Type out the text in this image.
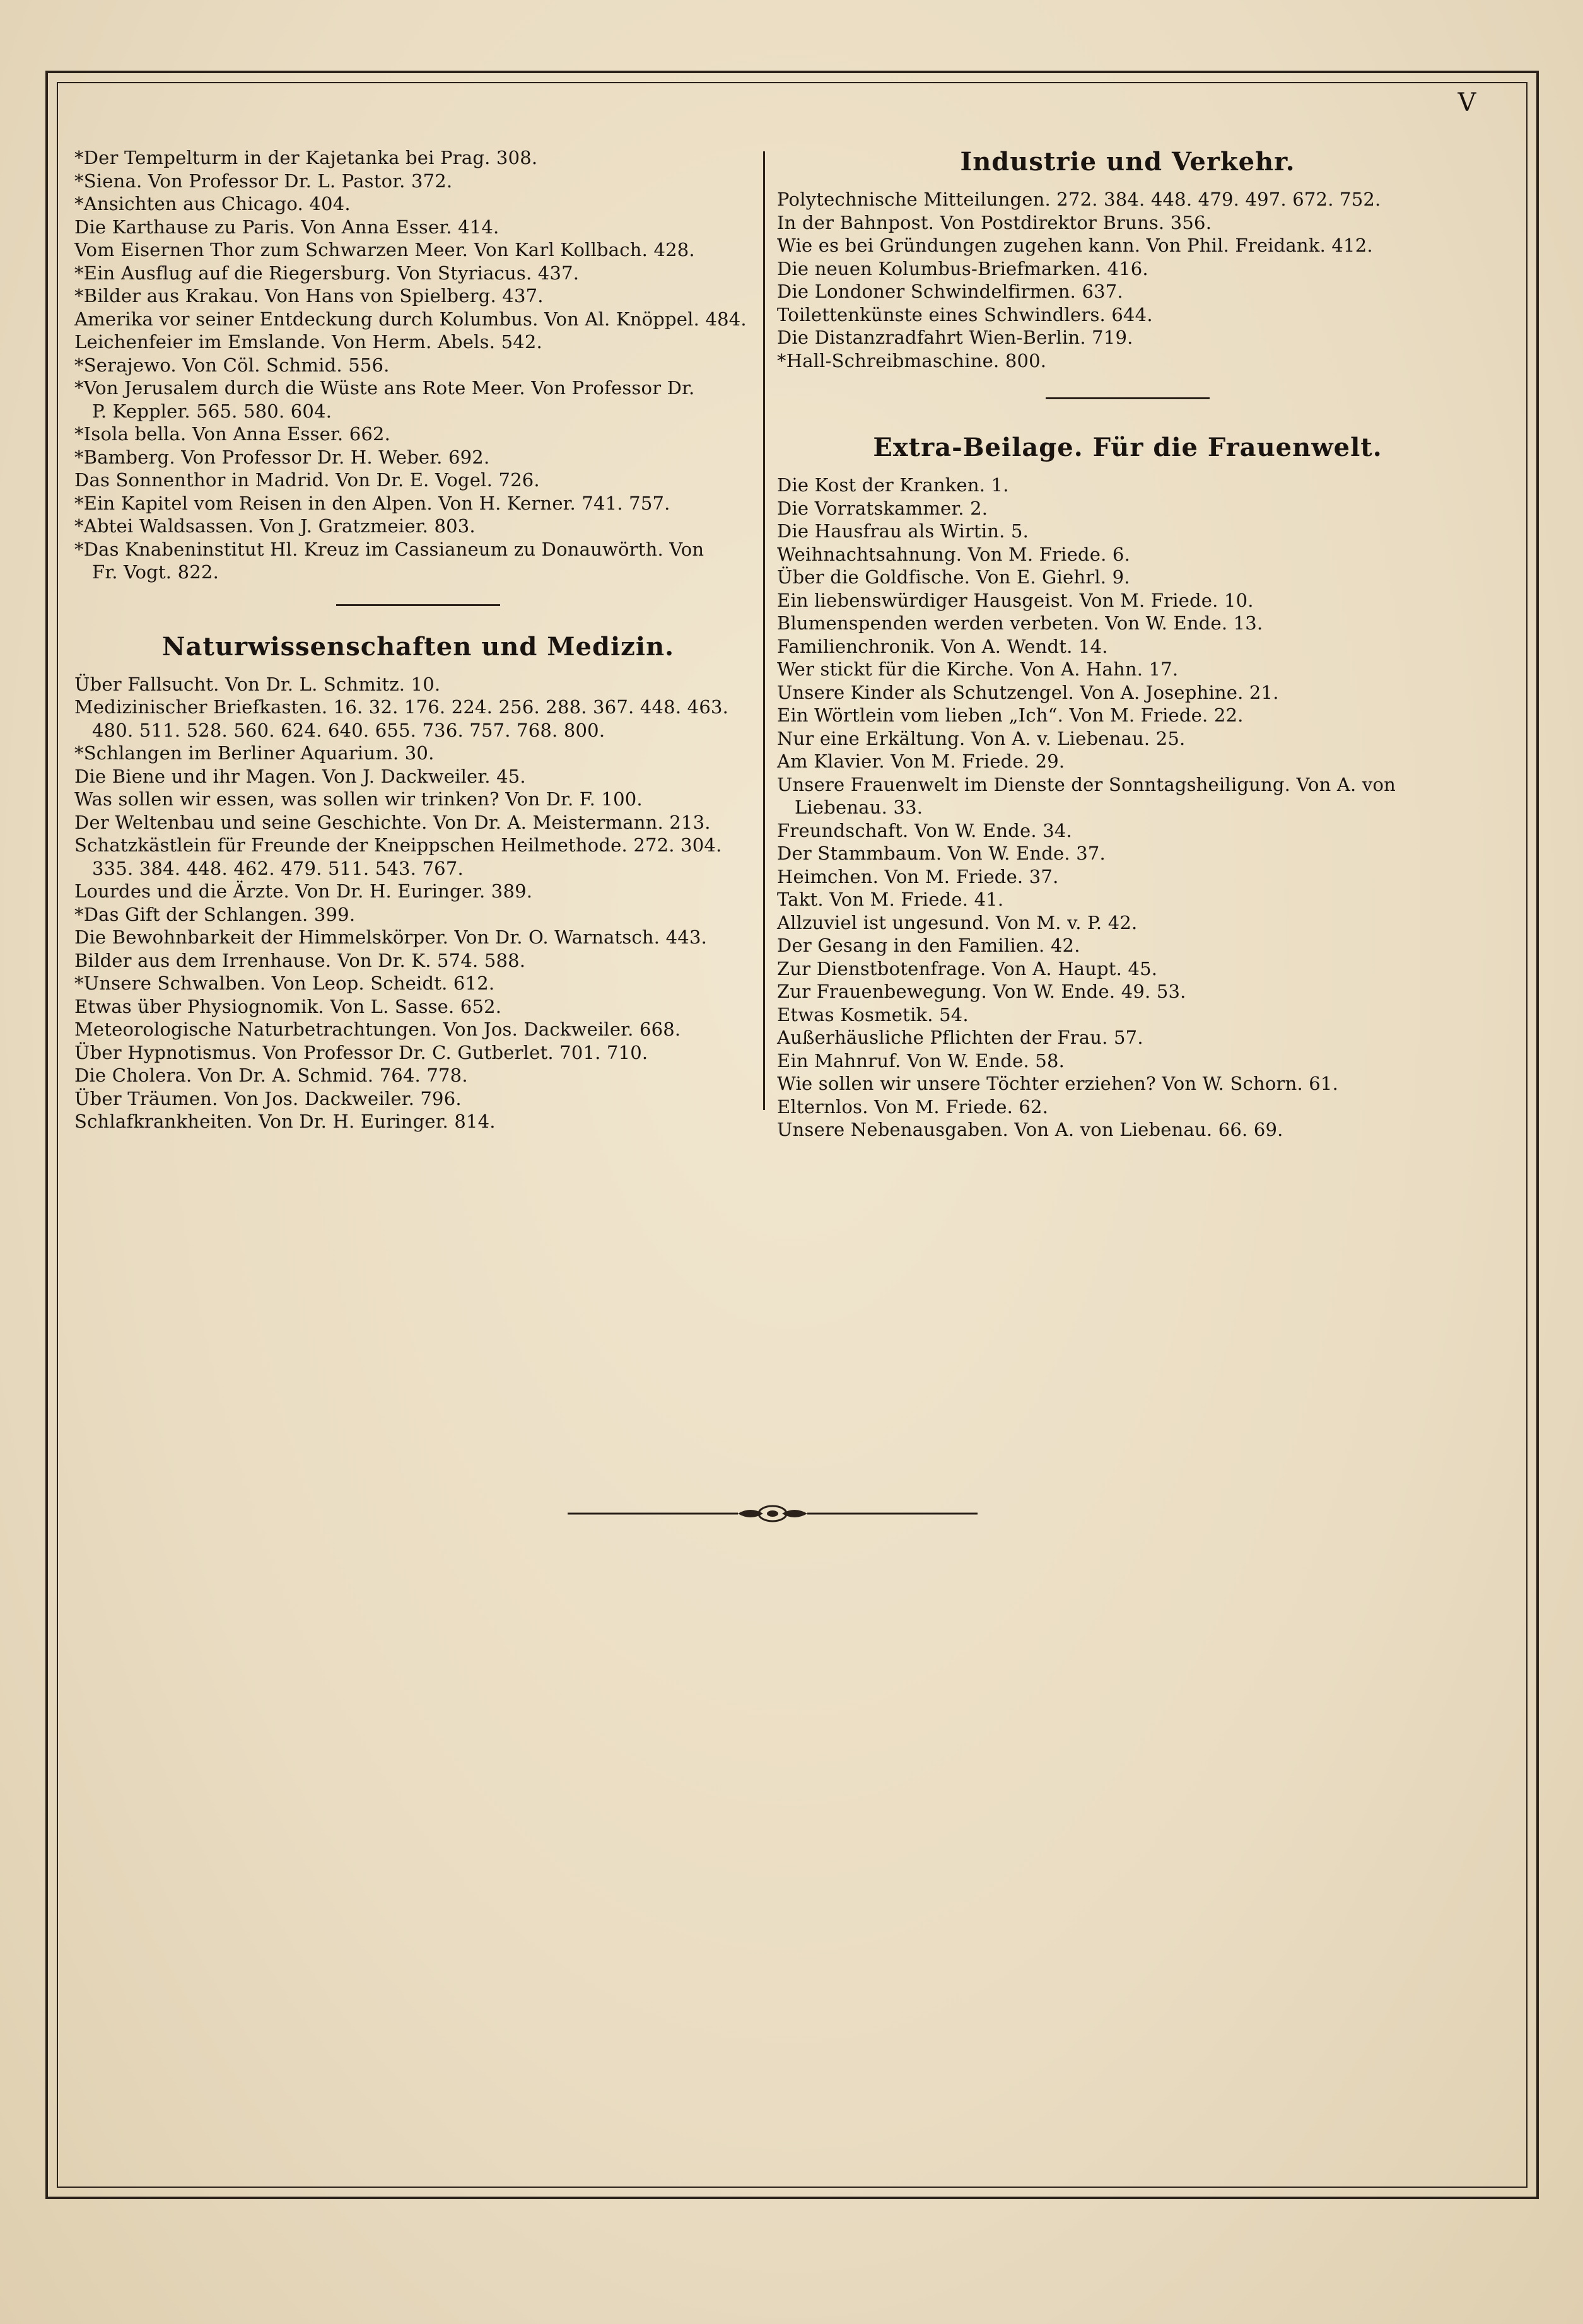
V
*Der Tempelturm in der Kajetanka bei Prag. 308.
*Siena. Von Professor Dr. L. Pastor. 372.
*Ansichten aus Chicago. 404.
Die Karthause zu Paris. Von Anna Esser. 414.
Vom Eisernen Thor zum Schwarzen Meer. Von Karl Kollbach. 428.
*Ein Ausflug auf die Riegersburg. Von Styriacus. 437.
*Bilder aus Krakau. Von Hans von Spielberg. 437.
Amerika vor seiner Entdeckung durch Kolumbus. Von Al. Knöppel. 484.
Leichenfeier im Emslande. Von Herm. Abels. 542.
*Serajewo. Von Cöl. Schmid. 556.
*Von Jerusalem durch die Wüste ans Rote Meer. Von Professor Dr.
P. Keppler. 565. 580. 604.
*Isola bella. Von Anna Esser. 662.
*Bamberg. Von Professor Dr. H. Weber. 692.
Das Sonnenthor in Madrid. Von Dr. E. Vogel. 726.
*Ein Kapitel vom Reisen in den Alpen. Von H. Kerner. 741. 757.
*Abtei Waldsassen. Von J. Gratzmeier. 803.
*Das Knabeninstitut Hl. Kreuz im Cassianeum zu Donauwörth. Von
Fr. Vogt. 822.
Naturwissenschaften und Medizin.
Über Fallsucht. Von Dr. L. Schmitz. 10.
Medizinischer Briefkasten. 16. 32. 176. 224. 256. 288. 367. 448. 463.
480. 511. 528. 560. 624. 640. 655. 736. 757. 768. 800.
*Schlangen im Berliner Aquarium. 30.
Die Biene und ihr Magen. Von J. Dackweiler. 45.
Was sollen wir essen, was sollen wir trinken? Von Dr. F. 100.
Der Weltenbau und seine Geschichte. Von Dr. A. Meistermann. 213.
Schatzkästlein für Freunde der Kneippschen Heilmethode. 272. 304.
335. 384. 448. 462. 479. 511. 543. 767.
Lourdes und die Ärzte. Von Dr. H. Euringer. 389.
*Das Gift der Schlangen. 399.
Die Bewohnbarkeit der Himmelskörper. Von Dr. O. Warnatsch. 443.
Bilder aus dem Irrenhause. Von Dr. K. 574. 588.
*Unsere Schwalben. Von Leop. Scheidt. 612.
Etwas über Physiognomik. Von L. Sasse. 652.
Meteorologische Naturbetrachtungen. Von Jos. Dackweiler. 668.
Über Hypnotismus. Von Professor Dr. C. Gutberlet. 701. 710.
Die Cholera. Von Dr. A. Schmid. 764. 778.
Über Träumen. Von Jos. Dackweiler. 796.
Schlafkrankheiten. Von Dr. H. Euringer. 814.
Industrie und Verkehr.
Polytechnische Mitteilungen. 272. 384. 448. 479. 497. 672. 752.
In der Bahnpost. Von Postdirektor Bruns. 356.
Wie es bei Gründungen zugehen kann. Von Phil. Freidank. 412.
Die neuen Kolumbus-Briefmarken. 416.
Die Londoner Schwindelfirmen. 637.
Toilettenkünste eines Schwindlers. 644.
Die Distanzradfahrt Wien-Berlin. 719.
*Hall-Schreibmaschine. 800.
Extra-Beilage. Für die Frauenwelt.
Die Kost der Kranken. 1.
Die Vorratskammer. 2.
Die Hausfrau als Wirtin. 5.
Weihnachtsahnung. Von M. Friede. 6.
Über die Goldfische. Von E. Giehrl. 9.
Ein liebenswürdiger Hausgeist. Von M. Friede. 10.
Blumenspenden werden verbeten. Von W. Ende. 13.
Familienchronik. Von A. Wendt. 14.
Wer stickt für die Kirche. Von A. Hahn. 17.
Unsere Kinder als Schutzengel. Von A. Josephine. 21.
Ein Wörtlein vom lieben „Ich“. Von M. Friede. 22.
Nur eine Erkältung. Von A. v. Liebenau. 25.
Am Klavier. Von M. Friede. 29.
Unsere Frauenwelt im Dienste der Sonntagsheiligung. Von A. von
Liebenau. 33.
Freundschaft. Von W. Ende. 34.
Der Stammbaum. Von W. Ende. 37.
Heimchen. Von M. Friede. 37.
Takt. Von M. Friede. 41.
Allzuviel ist ungesund. Von M. v. P. 42.
Der Gesang in den Familien. 42.
Zur Dienstbotenfrage. Von A. Haupt. 45.
Zur Frauenbewegung. Von W. Ende. 49. 53.
Etwas Kosmetik. 54.
Außerhäusliche Pflichten der Frau. 57.
Ein Mahnruf. Von W. Ende. 58.
Wie sollen wir unsere Töchter erziehen? Von W. Schorn. 61.
Elternlos. Von M. Friede. 62.
Unsere Nebenausgaben. Von A. von Liebenau. 66. 69.
